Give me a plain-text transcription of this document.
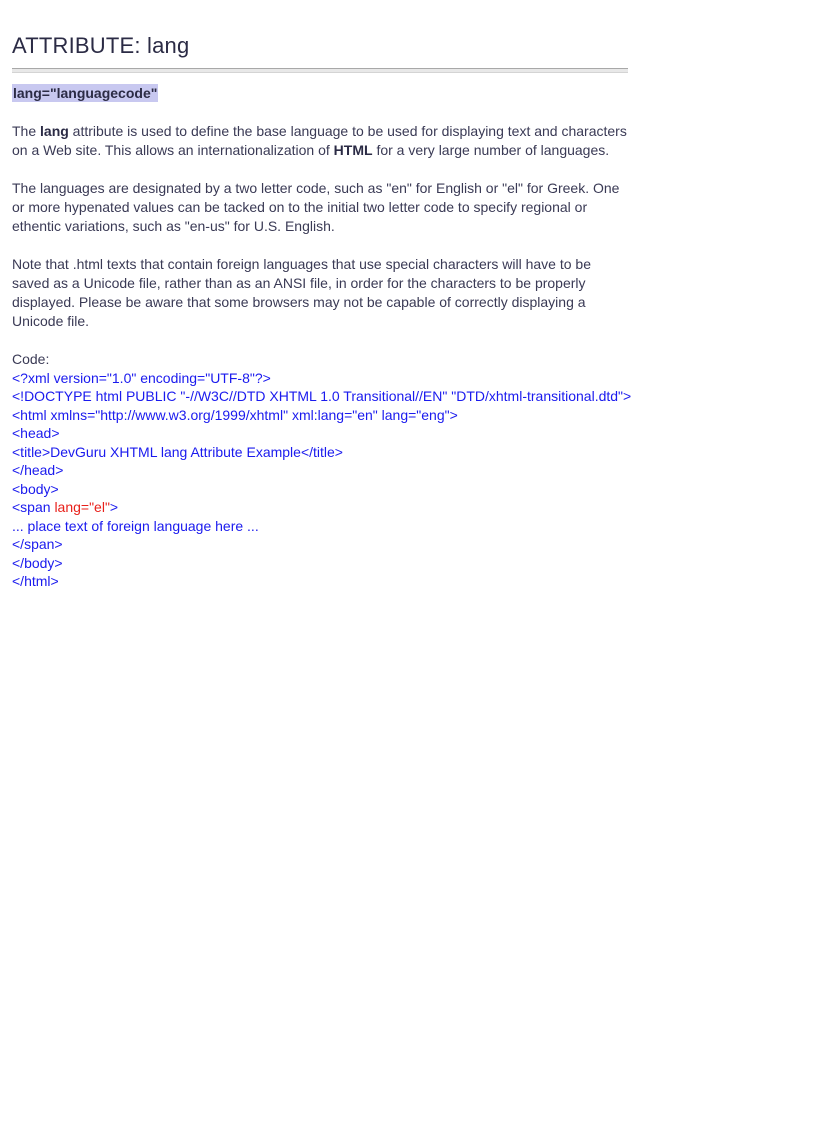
ATTRIBUTE: lang
lang="languagecode"

The lang attribute is used to define the base language to be used for displaying text and characters on a Web site. This allows an internationalization of HTML for a very large number of languages.

The languages are designated by a two letter code, such as "en" for English or "el" for Greek. One or more hypenated values can be tacked on to the initial two letter code to specify regional or ethentic variations, such as "en-us" for U.S. English.

Note that .html texts that contain foreign languages that use special characters will have to be saved as a Unicode file, rather than as an ANSI file, in order for the characters to be properly displayed. Please be aware that some browsers may not be capable of correctly displaying a Unicode file.

Code:
<?xml version="1.0" encoding="UTF-8"?>
<!DOCTYPE html PUBLIC "-//W3C//DTD XHTML 1.0 Transitional//EN" "DTD/xhtml-transitional.dtd">
<html xmlns="http://www.w3.org/1999/xhtml" xml:lang="en" lang="eng">
<head>
<title>DevGuru XHTML lang Attribute Example</title>
</head>
<body>
<span lang="el">
... place text of foreign language here ...
</span>
</body>
</html>
